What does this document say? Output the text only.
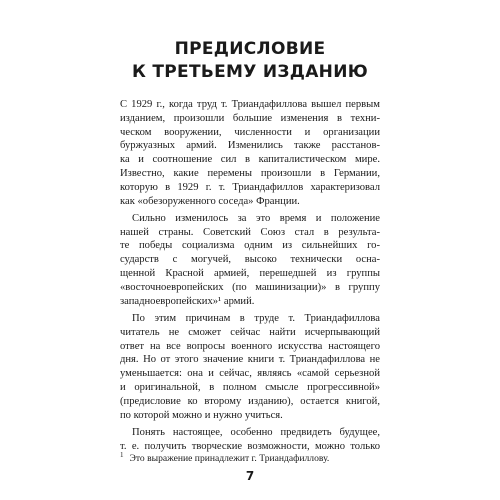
ПРЕДИСЛОВИЕ
К ТРЕТЬЕМУ ИЗДАНИЮ

С 1929 г., когда труд т. Триандафиллова вышел первым
изданием, произошли большие изменения в техни-
ческом вооружении, численности и организации
буржуазных армий. Изменились также расстанов-
ка и соотношение сил в капиталистическом мире.
Известно, какие перемены произошли в Германии,
которую в 1929 г. т. Триандафиллов характеризовал
как «обезоруженного соседа» Франции.

Сильно изменилось за это время и положение
нашей страны. Советский Союз стал в результа-
те победы социализма одним из сильнейших го-
сударств с могучей, высоко технически осна-
щенной Красной армией, перешедшей из группы
«восточноевропейских (по машинизации)» в группу
западноевропейских»¹ армий.

По этим причинам в труде т. Триандафиллова
читатель не сможет сейчас найти исчерпывающий
ответ на все вопросы военного искусства настоящего
дня. Но от этого значение книги т. Триандафиллова не
уменьшается: она и сейчас, являясь «самой серьезной
и оригинальной, в полном смысле прогрессивной»
(предисловие ко второму изданию), остается книгой,
по которой можно и нужно учиться.

Понять настоящее, особенно предвидеть будущее,
т. е. получить творческие возможности, можно только

$^1$ Это выражение принадлежит г. Триандафиллову.
7
